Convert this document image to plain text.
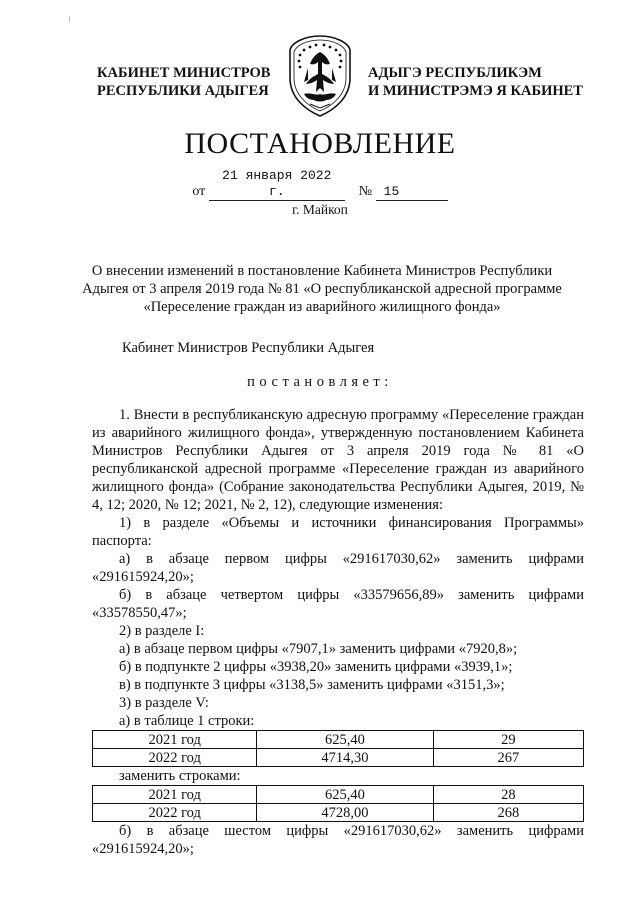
КАБИНЕТ МИНИСТРОВ
РЕСПУБЛИКИ АДЫГЕЯ
АДЫГЭ РЕСПУБЛИКЭМ
И МИНИСТРЭМЭ Я КАБИНЕТ
ПОСТАНОВЛЕНИЕ
от 21 января 2022 г.	№ 15
г. Майкоп
О внесении изменений в постановление Кабинета Министров Республики Адыгея от 3 апреля 2019 года № 81 «О республиканской адресной программе «Переселение граждан из аварийного жилищного фонда»
Кабинет Министров Республики Адыгея
постановляет:

1. Внести в республиканскую адресную программу «Переселение граждан из аварийного жилищного фонда», утвержденную постановлением Кабинета Министров Республики Адыгея от 3 апреля 2019 года № 81 «О республиканской адресной программе «Переселение граждан из аварийного жилищного фонда» (Собрание законодательства Республики Адыгея, 2019, № 4, 12; 2020, № 12; 2021, № 2, 12), следующие изменения:

1) в разделе «Объемы и источники финансирования Программы» паспорта:

а) в абзаце первом цифры «291617030,62» заменить цифрами «291615924,20»;

б) в абзаце четвертом цифры «33579656,89» заменить цифрами «33578550,47»;

2) в разделе I:

а) в абзаце первом цифры «7907,1» заменить цифрами «7920,8»;

б) в подпункте 2 цифры «3938,20» заменить цифрами «3939,1»;

в) в подпункте 3 цифры «3138,5» заменить цифрами «3151,3»;

3) в разделе V:

а) в таблице 1 строки:

2021 год	625,40	29
2022 год	4714,30	267

заменить строками:

2021 год	625,40	28
2022 год	4728,00	268

б) в абзаце шестом цифры «291617030,62» заменить цифрами «291615924,20»;
